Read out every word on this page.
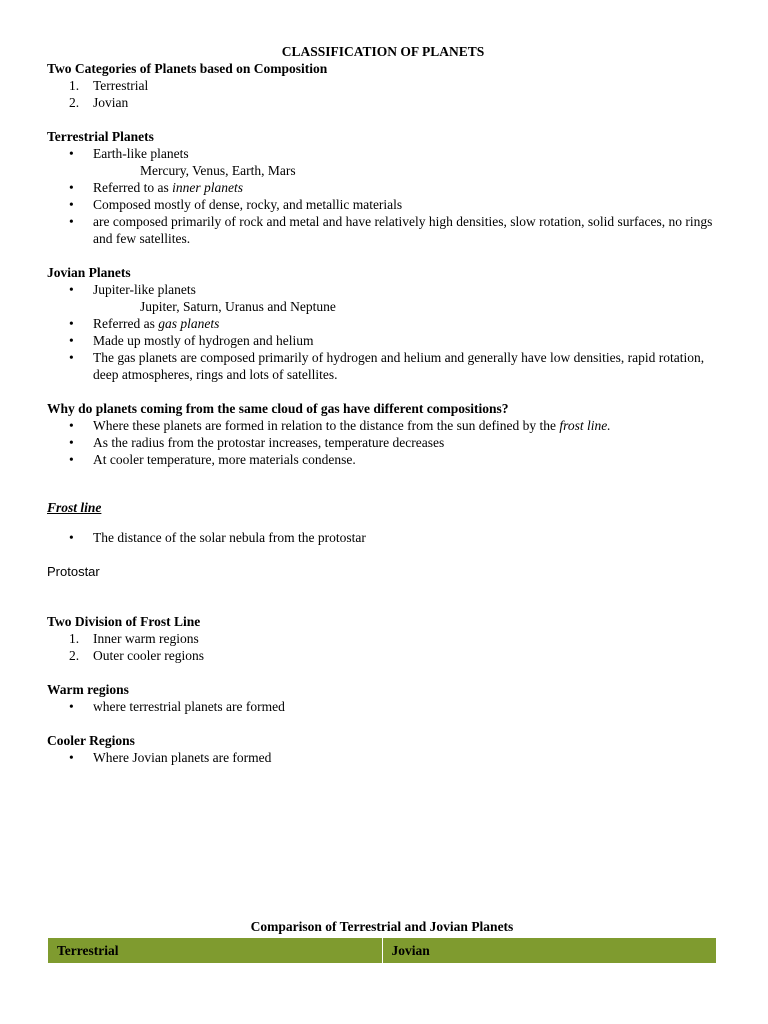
CLASSIFICATION OF PLANETS

Two Categories of Planets based on Composition

1. Terrestrial
2. Jovian

Terrestrial Planets

• Earth-like planets
Mercury, Venus, Earth, Mars
• Referred to as inner planets
• Composed mostly of dense, rocky, and metallic materials
• are composed primarily of rock and metal and have relatively high densities, slow rotation, solid surfaces, no rings and few satellites.

Jovian Planets

• Jupiter-like planets
Jupiter, Saturn, Uranus and Neptune
• Referred as gas planets
• Made up mostly of hydrogen and helium
• The gas planets are composed primarily of hydrogen and helium and generally have low densities, rapid rotation, deep atmospheres, rings and lots of satellites.

Why do planets coming from the same cloud of gas have different compositions?

• Where these planets are formed in relation to the distance from the sun defined by the frost line.
• As the radius from the protostar increases, temperature decreases
• At cooler temperature, more materials condense.

Frost line

• The distance of the solar nebula from the protostar

Protostar

Two Division of Frost Line

1. Inner warm regions
2. Outer cooler regions

Warm regions

• where terrestrial planets are formed

Cooler Regions

• Where Jovian planets are formed

Comparison of Terrestrial and Jovian Planets

Terrestrial	Jovian
